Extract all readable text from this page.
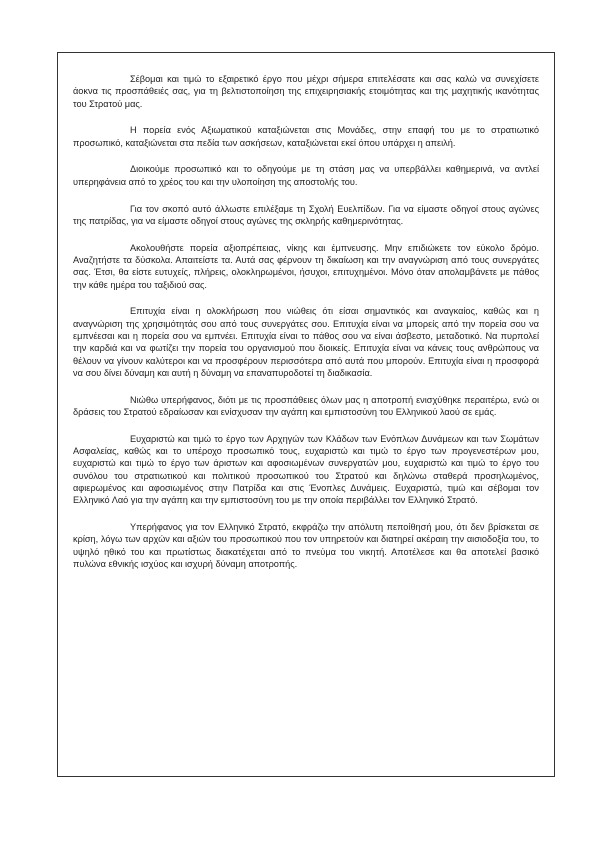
Σέβομαι και τιμώ το εξαιρετικό έργο που μέχρι σήμερα επιτελέσατε και σας καλώ να συνεχίσετε άοκνα τις προσπάθειές σας, για τη βελτιστοποίηση της επιχειρησιακής ετοιμότητας και της μαχητικής ικανότητας του Στρατού μας.

Η πορεία ενός Αξιωματικού καταξιώνεται στις Μονάδες, στην επαφή του με το στρατιωτικό προσωπικό, καταξιώνεται στα πεδία των ασκήσεων, καταξιώνεται εκεί όπου υπάρχει η απειλή.

Διοικούμε προσωπικό και το οδηγούμε με τη στάση μας να υπερβάλλει καθημερινά, να αντλεί υπερηφάνεια από το χρέος του και την υλοποίηση της αποστολής του.

Για τον σκοπό αυτό άλλωστε επιλέξαμε τη Σχολή Ευελπίδων. Για να είμαστε οδηγοί στους αγώνες της πατρίδας, για να είμαστε οδηγοί στους αγώνες της σκληρής καθημερινότητας.

Ακολουθήστε πορεία αξιοπρέπειας, νίκης και έμπνευσης. Μην επιδιώκετε τον εύκολο δρόμο. Αναζητήστε τα δύσκολα. Απαιτείστε τα. Αυτά σας φέρνουν τη δικαίωση και την αναγνώριση από τους συνεργάτες σας. Έτσι, θα είστε ευτυχείς, πλήρεις, ολοκληρωμένοι, ήσυχοι, επιτυχημένοι. Μόνο όταν απολαμβάνετε με πάθος την κάθε ημέρα του ταξιδιού σας.

Επιτυχία είναι η ολοκλήρωση που νιώθεις ότι είσαι σημαντικός και αναγκαίος, καθώς και η αναγνώριση της χρησιμότητάς σου από τους συνεργάτες σου. Επιτυχία είναι να μπορείς από την πορεία σου να εμπνέεσαι και η πορεία σου να εμπνέει. Επιτυχία είναι το πάθος σου να είναι άσβεστο, μεταδοτικό. Να πυρπολεί την καρδιά και να φωτίζει την πορεία του οργανισμού που διοικείς. Επιτυχία είναι να κάνεις τους ανθρώπους να θέλουν να γίνουν καλύτεροι και να προσφέρουν περισσότερα από αυτά που μπορούν. Επιτυχία είναι η προσφορά να σου δίνει δύναμη και αυτή η δύναμη να επαναπυροδοτεί τη διαδικασία.

Νιώθω υπερήφανος, διότι με τις προσπάθειες όλων μας η αποτροπή ενισχύθηκε περαιτέρω, ενώ οι δράσεις του Στρατού εδραίωσαν και ενίσχυσαν την αγάπη και εμπιστοσύνη του Ελληνικού λαού σε εμάς.

Ευχαριστώ και τιμώ το έργο των Αρχηγών των Κλάδων των Ενόπλων Δυνάμεων και των Σωμάτων Ασφαλείας, καθώς και το υπέροχο προσωπικό τους, ευχαριστώ και τιμώ το έργο των προγενεστέρων μου, ευχαριστώ και τιμώ το έργο των άριστων και αφοσιωμένων συνεργατών μου, ευχαριστώ και τιμώ το έργο του συνόλου του στρατιωτικού και πολιτικού προσωπικού του Στρατού και δηλώνω σταθερά προσηλωμένος, αφιερωμένος και αφοσιωμένος στην Πατρίδα και στις Ένοπλες Δυνάμεις. Ευχαριστώ, τιμώ και σέβομαι τον Ελληνικό Λαό για την αγάπη και την εμπιστοσύνη του με την οποία περιβάλλει τον Ελληνικό Στρατό.

Υπερήφανος για τον Ελληνικό Στρατό, εκφράζω την απόλυτη πεποίθησή μου, ότι δεν βρίσκεται σε κρίση, λόγω των αρχών και αξιών του προσωπικού που τον υπηρετούν και διατηρεί ακέραιη την αισιοδοξία του, το υψηλό ηθικό του και πρωτίστως διακατέχεται από το πνεύμα του νικητή. Αποτέλεσε και θα αποτελεί βασικό πυλώνα εθνικής ισχύος και ισχυρή δύναμη αποτροπής.
